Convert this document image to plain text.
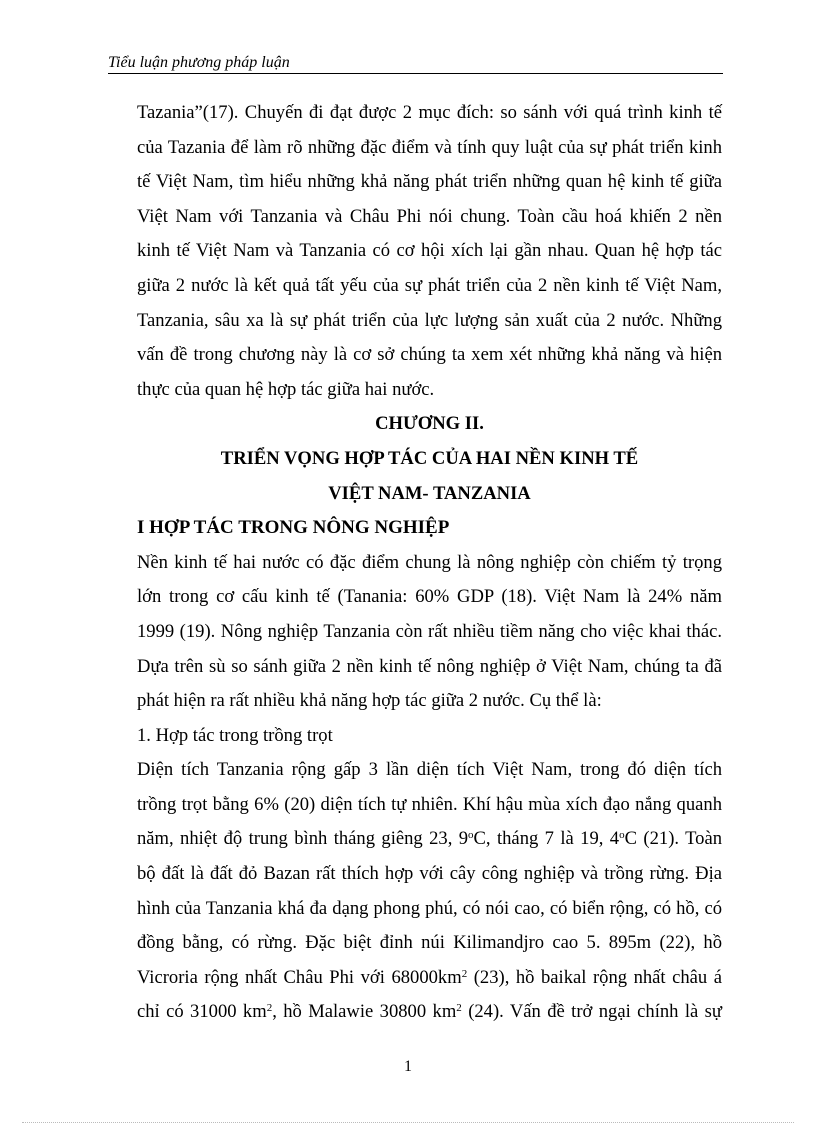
Tiểu luận phương pháp luận
Tazania”(17). Chuyến đi đạt được 2 mục đích: so sánh với quá trình kinh tế
của Tazania để làm rõ những đặc điểm và tính quy luật của sự phát triển kinh
tế Việt Nam, tìm hiểu những khả năng phát triển những quan hệ kinh tế giữa
Việt Nam với Tanzania và Châu Phi nói chung. Toàn cầu hoá khiến 2 nền
kinh tế Việt Nam và Tanzania có cơ hội xích lại gần nhau. Quan hệ hợp tác
giữa 2 nước là kết quả tất yếu của sự phát triển của 2 nền kinh tế Việt Nam,
Tanzania, sâu xa là sự phát triển của lực lượng sản xuất của 2 nước. Những
vấn đề trong chương này là cơ sở chúng ta xem xét những khả năng và hiện
thực của quan hệ hợp tác giữa hai nước.
CHƯƠNG II.
TRIỂN VỌNG HỢP TÁC CỦA HAI NỀN KINH TẾ
VIỆT NAM- TANZANIA
I HỢP TÁC TRONG NÔNG NGHIỆP
Nền kinh tế hai nước có đặc điểm chung là nông nghiệp còn chiếm tỷ trọng
lớn trong cơ cấu kinh tế (Tanania: 60% GDP (18). Việt Nam là 24% năm
1999 (19). Nông nghiệp Tanzania còn rất nhiều tiềm năng cho việc khai thác.
Dựa trên sù so sánh giữa 2 nền kinh tế nông nghiệp ở Việt Nam, chúng ta đã
phát hiện ra rất nhiều khả năng hợp tác giữa 2 nước. Cụ thể là:
1. Hợp tác trong trồng trọt
Diện tích Tanzania rộng gấp 3 lần diện tích Việt Nam, trong đó diện tích
trồng trọt bằng 6% (20) diện tích tự nhiên. Khí hậu mùa xích đạo nắng quanh
năm, nhiệt độ trung bình tháng giêng 23, 9$^o$C, tháng 7 là 19, 4$^o$C (21). Toàn
bộ đất là đất đỏ Bazan rất thích hợp với cây công nghiệp và trồng rừng. Địa
hình của Tanzania khá đa dạng phong phú, có nói cao, có biển rộng, có hồ, có
đồng bằng, có rừng. Đặc biệt đỉnh núi Kilimandjro cao 5. 895m (22), hồ
Vicroria rộng nhất Châu Phi với $68000km^2$ (23), hồ baikal rộng nhất châu á
chỉ có 31000 $km^2$, hồ Malawie 30800 $km^2$ (24). Vấn đề trở ngại chính là sự
1
